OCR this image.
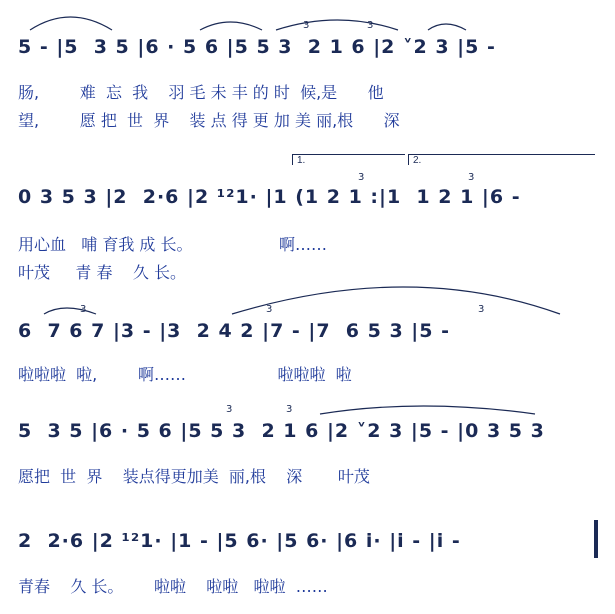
5 - |5  3 5 |6 · 5 6 |5 5 3  2 1 6 |2 ˅2 3 |5 -
3	3
肠,        难  忘  我    羽 毛 未 丰 的 时  候,是      他
望,        愿 把  世  界    装 点 得 更 加 美 丽,根      深
1.	2.
0 3 5 3 |2  2·6 |2 ¹²1· |1 (1 2 1 :|1  1 2 1 |6 -
3	3
用心血   哺 育我 成 长。                 啊……
叶茂     青 春    久 长。
6  7 6 7 |3 - |3  2 4 2 |7 - |7  6 5 3 |5 -
3	3	3
啦啦啦  啦,        啊……                  啦啦啦  啦
5  3 5 |6 · 5 6 |5 5 3  2 1 6 |2 ˅2 3 |5 - |0 3 5 3
3	3
愿把  世  界    装点得更加美  丽,根    深       叶茂
2  2·6 |2 ¹²1· |1 - |5 6· |5 6· |6 i· |i - |i -
青春    久 长。      啦啦    啦啦   啦啦  ……
